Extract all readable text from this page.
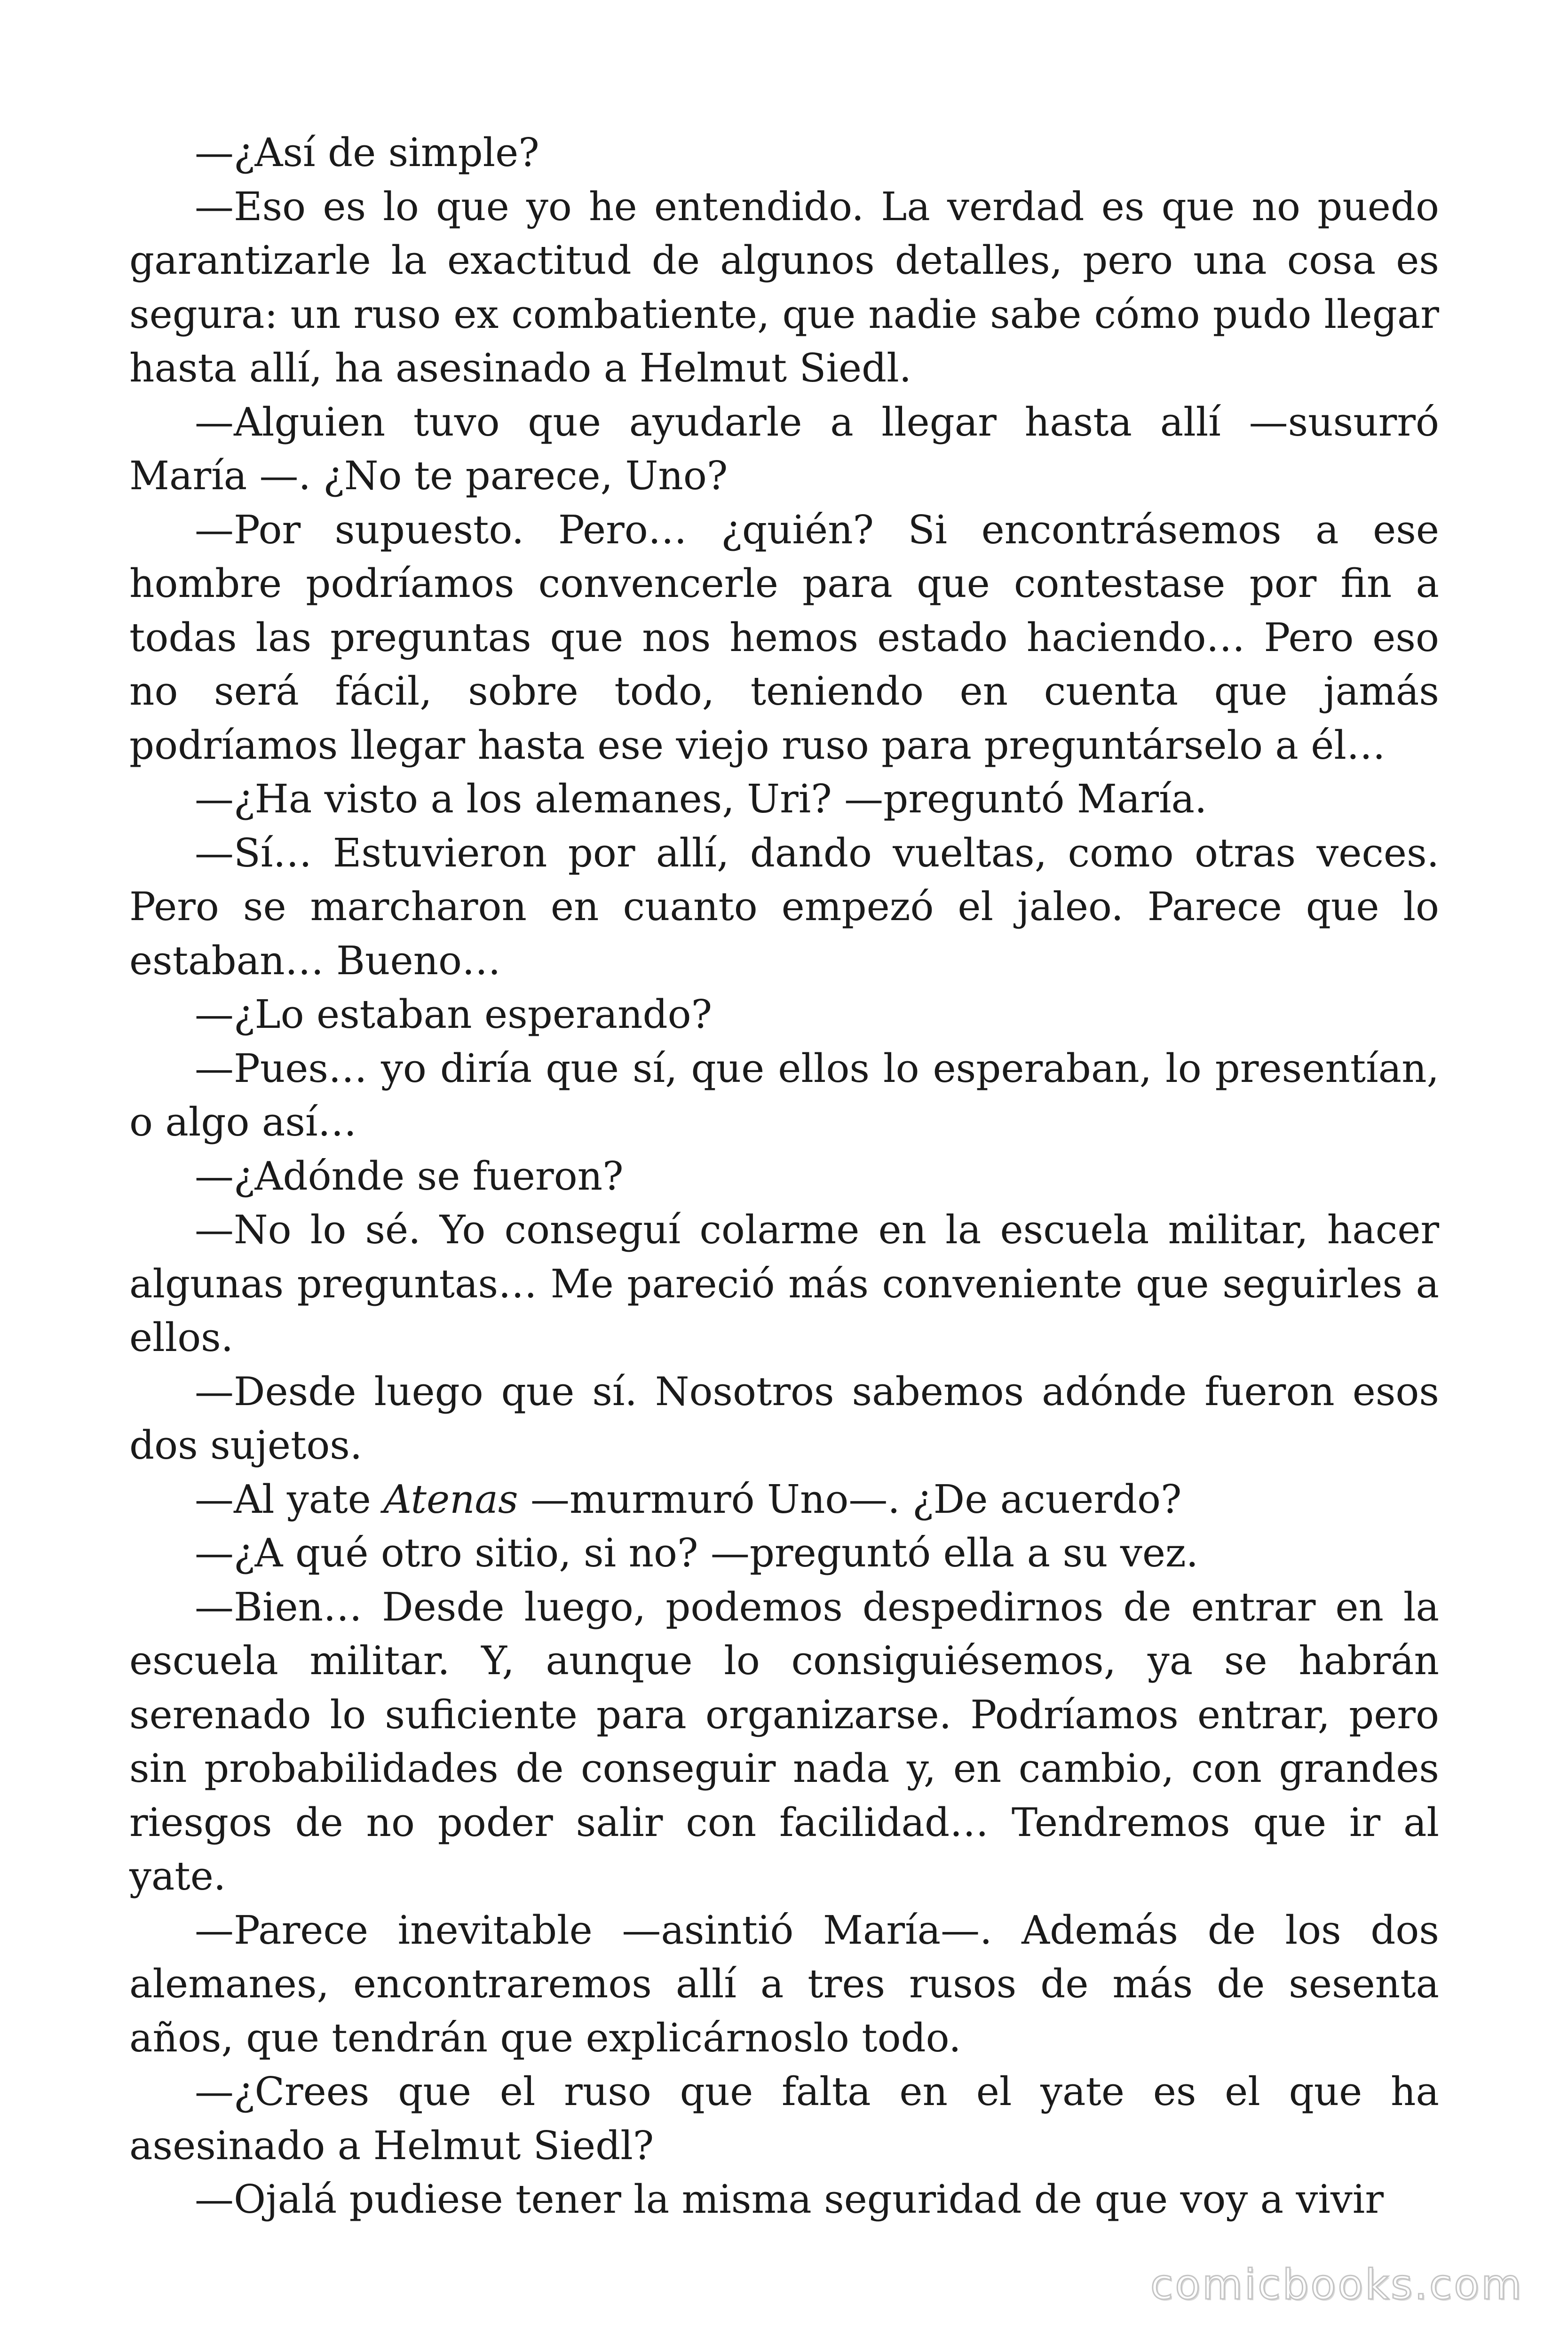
—¿Así de simple?

—Eso es lo que yo he entendido. La verdad es que no puedo garantizarle la exactitud de algunos detalles, pero una cosa es segura: un ruso ex combatiente, que nadie sabe cómo pudo llegar hasta allí, ha asesinado a Helmut Siedl.

—Alguien tuvo que ayudarle a llegar hasta allí —susurró María —. ¿No te parece, Uno?

—Por supuesto. Pero… ¿quién? Si encontrásemos a ese hombre podríamos convencerle para que contestase por fin a todas las preguntas que nos hemos estado haciendo… Pero eso no será fácil, sobre todo, teniendo en cuenta que jamás podríamos llegar hasta ese viejo ruso para preguntárselo a él…

—¿Ha visto a los alemanes, Uri? —preguntó María.

—Sí… Estuvieron por allí, dando vueltas, como otras veces. Pero se marcharon en cuanto empezó el jaleo. Parece que lo estaban… Bueno…

—¿Lo estaban esperando?

—Pues… yo diría que sí, que ellos lo esperaban, lo presentían, o algo así…

—¿Adónde se fueron?

—No lo sé. Yo conseguí colarme en la escuela militar, hacer algunas preguntas… Me pareció más conveniente que seguirles a ellos.

—Desde luego que sí. Nosotros sabemos adónde fueron esos dos sujetos.

—Al yate Atenas —murmuró Uno—. ¿De acuerdo?

—¿A qué otro sitio, si no? —preguntó ella a su vez.

—Bien… Desde luego, podemos despedirnos de entrar en la escuela militar. Y, aunque lo consiguiésemos, ya se habrán serenado lo suficiente para organizarse. Podríamos entrar, pero sin probabilidades de conseguir nada y, en cambio, con grandes riesgos de no poder salir con facilidad… Tendremos que ir al yate.

—Parece inevitable —asintió María—. Además de los dos alemanes, encontraremos allí a tres rusos de más de sesenta años, que tendrán que explicárnoslo todo.

—¿Crees que el ruso que falta en el yate es el que ha asesinado a Helmut Siedl?

—Ojalá pudiese tener la misma seguridad de que voy a vivir

comicbooks.com
